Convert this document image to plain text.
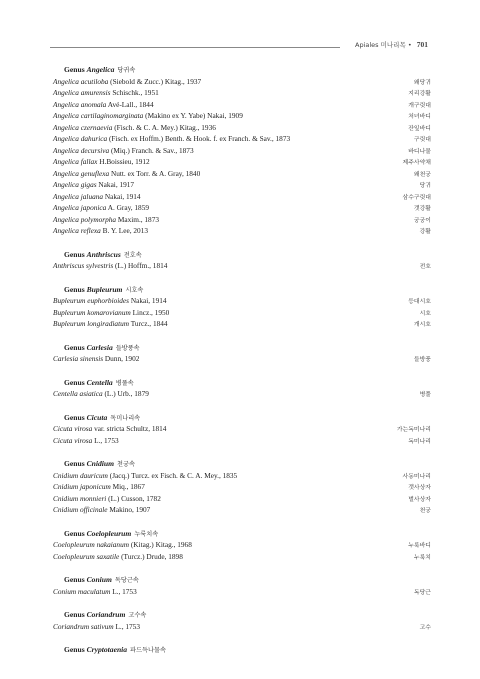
Apiales 미나리목 • 701
Genus Angelica 당귀속
Angelica acutiloba (Siebold & Zucc.) Kitag., 1937	왜당귀
Angelica amurensis Schischk., 1951	지리강활
Angelica anomala Avé-Lall., 1844	개구릿대
Angelica cartilaginomarginata (Makino ex Y. Yabe) Nakai, 1909	처녀바디
Angelica czernaevia (Fisch. & C. A. Mey.) Kitag., 1936	잔잎바디
Angelica dahurica (Fisch. ex Hoffm.) Benth. & Hook. f. ex Franch. & Sav., 1873	구릿대
Angelica decursiva (Miq.) Franch. & Sav., 1873	바디나물
Angelica fallax H.Boissieu, 1912	제주사약채
Angelica genuflexa Nutt. ex Torr. & A. Gray, 1840	왜천궁
Angelica gigas Nakai, 1917	당귀
Angelica jaluana Nakai, 1914	삼수구릿대
Angelica japonica A. Gray, 1859	갯강활
Angelica polymorpha Maxim., 1873	궁궁이
Angelica reflexa B. Y. Lee, 2013	강활
Genus Anthriscus 전호속
Anthriscus sylvestris (L.) Hoffm., 1814	전호
Genus Bupleurum 시호속
Bupleurum euphorbioides Nakai, 1914	등대시호
Bupleurum komarovianum Lincz., 1950	시호
Bupleurum longiradiatum Turcz., 1844	개시호
Genus Carlesia 들방풍속
Carlesia sinensis Dunn, 1902	들방풍
Genus Centella 병풀속
Centella asiatica (L.) Urb., 1879	병풀
Genus Cicuta 독미나리속
Cicuta virosa var. stricta Schultz, 1814	가는독미나리
Cicuta virosa L., 1753	독미나리
Genus Cnidium 천궁속
Cnidium dauricum (Jacq.) Turcz. ex Fisch. & C. A. Mey., 1835	사동미나리
Cnidium japonicum Miq., 1867	갯사상자
Cnidium monnieri (L.) Cusson, 1782	벌사상자
Cnidium officinale Makino, 1907	천궁
Genus Coelopleurum 누룩치속
Coelopleurum nakaianum (Kitag.) Kitag., 1968	누룩바디
Coelopleurum saxatile (Turcz.) Drude, 1898	누룩치
Genus Conium 독당근속
Conium maculatum L., 1753	독당근
Genus Coriandrum 고수속
Coriandrum sativum L., 1753	고수
Genus Cryptotaenia 파드득나물속
